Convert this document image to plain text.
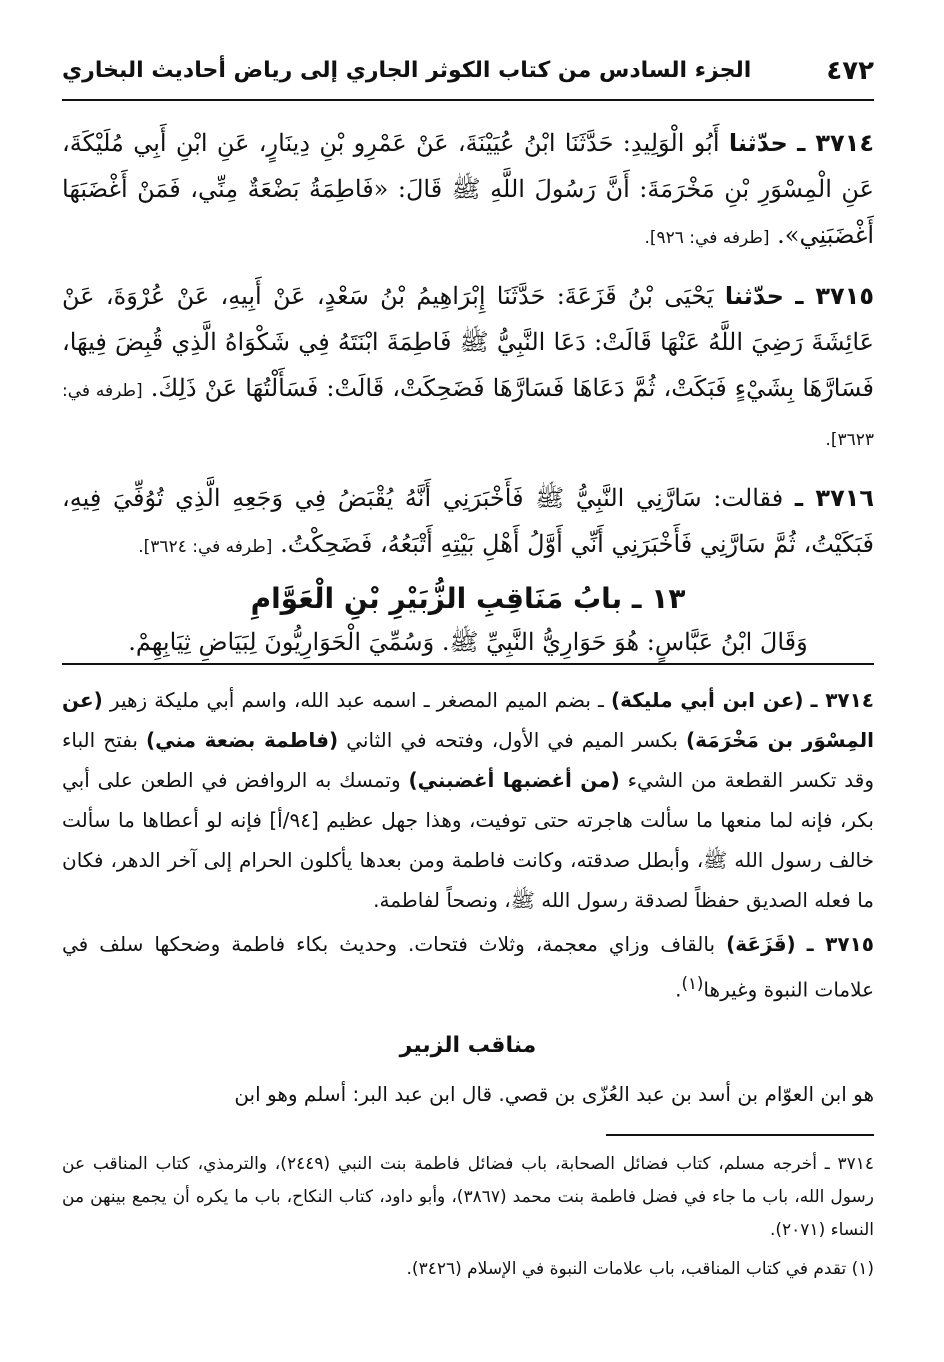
٤٧٢
الجزء السادس من كتاب الكوثر الجاري إلى رياض أحاديث البخاري

٣٧١٤ ـ حدّثنا أَبُو الْوَلِيدِ: حَدَّثَنَا ابْنُ عُيَيْنَةَ، عَنْ عَمْرِو بْنِ دِينَارٍ، عَنِ ابْنِ أَبِي مُلَيْكَةَ، عَنِ الْمِسْوَرِ بْنِ مَخْرَمَةَ: أَنَّ رَسُولَ اللَّهِ ﷺ قَالَ: «فَاطِمَةُ بَضْعَةٌ مِنِّي، فَمَنْ أَغْضَبَهَا أَغْضَبَنِي». [طرفه في: ٩٢٦].

٣٧١٥ ـ حدّثنا يَحْيَى بْنُ قَزَعَةَ: حَدَّثَنَا إِبْرَاهِيمُ بْنُ سَعْدٍ، عَنْ أَبِيهِ، عَنْ عُرْوَةَ، عَنْ عَائِشَةَ رَضِيَ اللَّهُ عَنْهَا قَالَتْ: دَعَا النَّبِيُّ ﷺ فَاطِمَةَ ابْنَتَهُ فِي شَكْوَاهُ الَّذِي قُبِضَ فِيهَا، فَسَارَّهَا بِشَيْءٍ فَبَكَتْ، ثُمَّ دَعَاهَا فَسَارَّهَا فَضَحِكَتْ، قَالَتْ: فَسَأَلْتُهَا عَنْ ذَلِكَ. [طرفه في: ٣٦٢٣].

٣٧١٦ ـ فقالت: سَارَّنِي النَّبِيُّ ﷺ فَأَخْبَرَنِي أَنَّهُ يُقْبَضُ فِي وَجَعِهِ الَّذِي تُوُفِّيَ فِيهِ، فَبَكَيْتُ، ثُمَّ سَارَّنِي فَأَخْبَرَنِي أَنِّي أَوَّلُ أَهْلِ بَيْتِهِ أَتْبَعُهُ، فَضَحِكْتُ. [طرفه في: ٣٦٢٤].

١٣ ـ بابُ مَنَاقِبِ الزُّبَيْرِ بْنِ الْعَوَّامِ
وَقَالَ ابْنُ عَبَّاسٍ: هُوَ حَوَارِيُّ النَّبِيِّ ﷺ. وَسُمِّيَ الْحَوَارِيُّونَ لِبَيَاضِ ثِيَابِهِمْ.

٣٧١٤ ـ (عن ابن أبي مليكة) ـ بضم الميم المصغر ـ اسمه عبد الله، واسم أبي مليكة زهير (عن المِسْوَر بن مَخْرَمَة) بكسر الميم في الأول، وفتحه في الثاني (فاطمة بضعة مني) بفتح الباء وقد تكسر القطعة من الشيء (من أغضبها أغضبني) وتمسك به الروافض في الطعن على أبي بكر، فإنه لما منعها ما سألت هاجرته حتى توفيت، وهذا جهل عظيم [٩٤/أ] فإنه لو أعطاها ما سألت خالف رسول الله ﷺ، وأبطل صدقته، وكانت فاطمة ومن بعدها يأكلون الحرام إلى آخر الدهر، فكان ما فعله الصديق حفظاً لصدقة رسول الله ﷺ، ونصحاً لفاطمة.

٣٧١٥ ـ (قَزَعَة) بالقاف وزاي معجمة، وثلاث فتحات. وحديث بكاء فاطمة وضحكها سلف في علامات النبوة وغيرها$^{(١)}$.

مناقب الزبير

هو ابن العوّام بن أسد بن عبد العُزّى بن قصي. قال ابن عبد البر: أسلم وهو ابن

٣٧١٤ ـ أخرجه مسلم، كتاب فضائل الصحابة، باب فضائل فاطمة بنت النبي (٢٤٤٩)، والترمذي، كتاب المناقب عن رسول الله، باب ما جاء في فضل فاطمة بنت محمد (٣٨٦٧)، وأبو داود، كتاب النكاح، باب ما يكره أن يجمع بينهن من النساء (٢٠٧١).

(١) تقدم في كتاب المناقب، باب علامات النبوة في الإسلام (٣٤٢٦).
